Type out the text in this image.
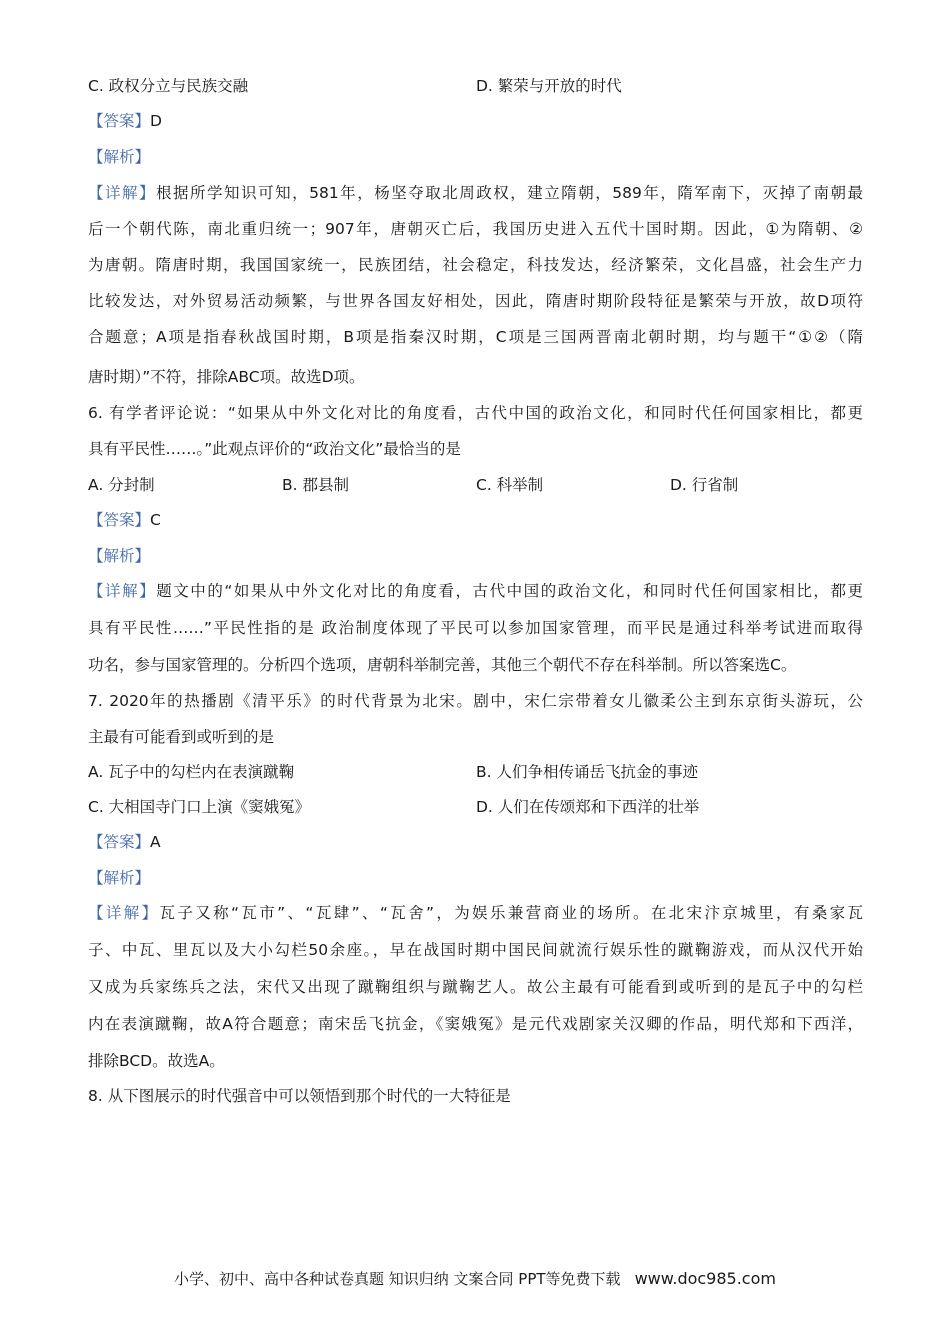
C. 政权分立与民族交融	D. 繁荣与开放的时代
【答案】D
【解析】
【详解】根据所学知识可知，581年，杨坚夺取北周政权，建立隋朝，589年，隋军南下，灭掉了南朝最
后一个朝代陈，南北重归统一；907年，唐朝灭亡后，我国历史进入五代十国时期。因此，①为隋朝、②
为唐朝。隋唐时期，我国国家统一，民族团结，社会稳定，科技发达，经济繁荣，文化昌盛，社会生产力
比较发达，对外贸易活动频繁，与世界各国友好相处，因此，隋唐时期阶段特征是繁荣与开放，故D项符
合题意；A项是指春秋战国时期，B项是指秦汉时期，C项是三国两晋南北朝时期，均与题干“①②（隋
唐时期）”不符，排除ABC项。故选D项。
6. 有学者评论说：“如果从中外文化对比的角度看，古代中国的政治文化，和同时代任何国家相比，都更
具有平民性……。”此观点评价的“政治文化”最恰当的是
A. 分封制	B. 郡县制	C. 科举制	D. 行省制
【答案】C
【解析】
【详解】题文中的“如果从中外文化对比的角度看，古代中国的政治文化，和同时代任何国家相比，都更
具有平民性……”平民性指的是 政治制度体现了平民可以参加国家管理，而平民是通过科举考试进而取得
功名，参与国家管理的。分析四个选项，唐朝科举制完善，其他三个朝代不存在科举制。所以答案选C。
7. 2020年的热播剧《清平乐》的时代背景为北宋。剧中，宋仁宗带着女儿徽柔公主到东京街头游玩，公
主最有可能看到或听到的是
A. 瓦子中的勾栏内在表演蹴鞠	B. 人们争相传诵岳飞抗金的事迹
C. 大相国寺门口上演《窦娥冤》	D. 人们在传颂郑和下西洋的壮举
【答案】A
【解析】
【详解】瓦子又称“瓦市”、“瓦肆”、“瓦舍”，为娱乐兼营商业的场所。在北宋汴京城里，有桑家瓦
子、中瓦、里瓦以及大小勾栏50余座。，早在战国时期中国民间就流行娱乐性的蹴鞠游戏，而从汉代开始
又成为兵家练兵之法，宋代又出现了蹴鞠组织与蹴鞠艺人。故公主最有可能看到或听到的是瓦子中的勾栏
内在表演蹴鞠，故A符合题意；南宋岳飞抗金，《窦娥冤》是元代戏剧家关汉卿的作品，明代郑和下西洋，
排除BCD。故选A。
8. 从下图展示的时代强音中可以领悟到那个时代的一大特征是
小学、初中、高中各种试卷真题 知识归纳 文案合同 PPT等免费下载 www.doc985.com
